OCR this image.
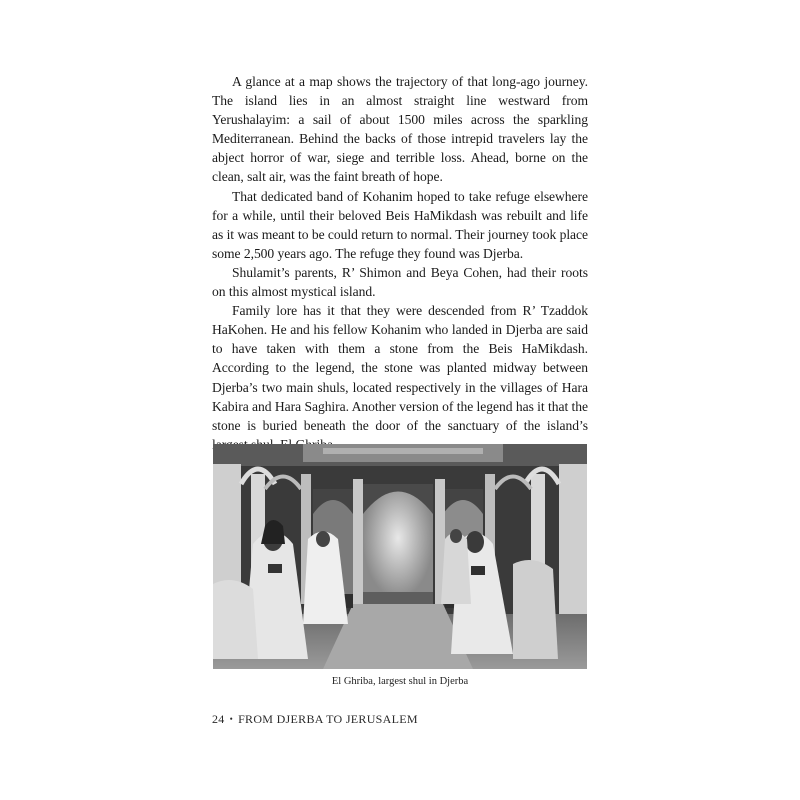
A glance at a map shows the trajectory of that long-ago journey. The island lies in an almost straight line westward from Yerushalayim: a sail of about 1500 miles across the sparkling Mediterranean. Behind the backs of those intrepid travelers lay the abject horror of war, siege and terrible loss. Ahead, borne on the clean, salt air, was the faint breath of hope.

That dedicated band of Kohanim hoped to take refuge elsewhere for a while, until their beloved Beis HaMikdash was rebuilt and life as it was meant to be could return to normal. Their journey took place some 2,500 years ago. The refuge they found was Djerba.

Shulamit’s parents, R’ Shimon and Beya Cohen, had their roots on this almost mystical island.

Family lore has it that they were descended from R’ Tzaddok HaKohen. He and his fellow Kohanim who landed in Djerba are said to have taken with them a stone from the Beis HaMikdash. According to the legend, the stone was planted midway between Djerba’s two main shuls, located respectively in the villages of Hara Kabira and Hara Saghira. Another version of the legend has it that the stone is buried beneath the door of the sanctuary of the island’s

El Ghriba, largest shul in Djerba
24 • FROM DJERBA TO JERUSALEM
